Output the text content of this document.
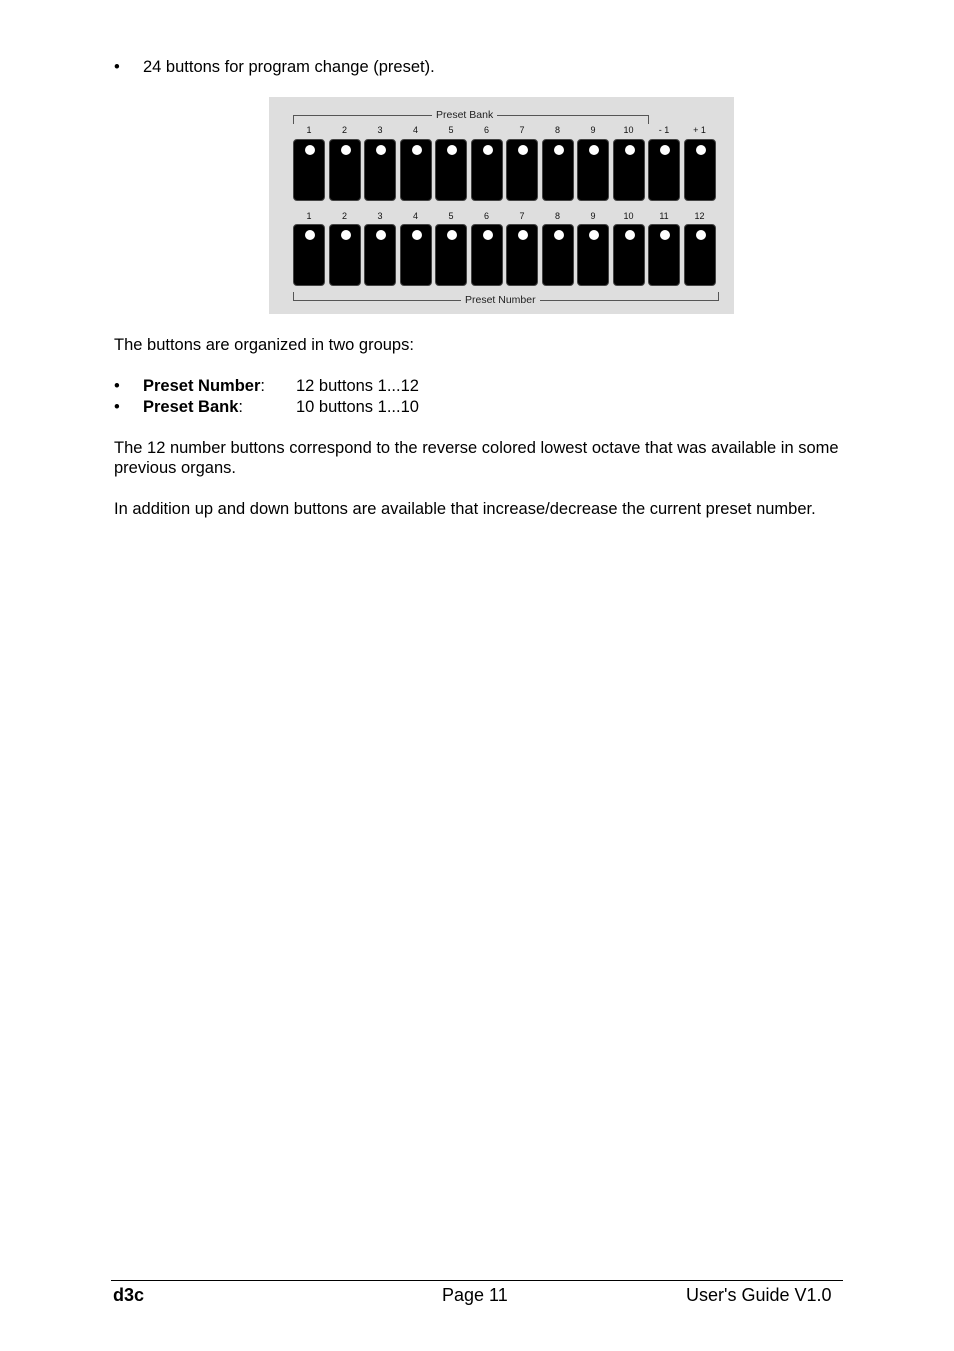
• 24 buttons for program change (preset).
Preset Bank
1	2	3	4	5	6	7	8	9	10	- 1	+ 1
1	2	3	4	5	6	7	8	9	10	11	12
Preset Number
The buttons are organized in two groups:
• Preset Number: 12 buttons 1...12
• Preset Bank:	10 buttons 1...10
The 12 number buttons correspond to the reverse colored lowest octave that was available in some previous organs.
In addition up and down buttons are available that increase/decrease the current preset number.
d3c	Page 11	User's Guide V1.0
